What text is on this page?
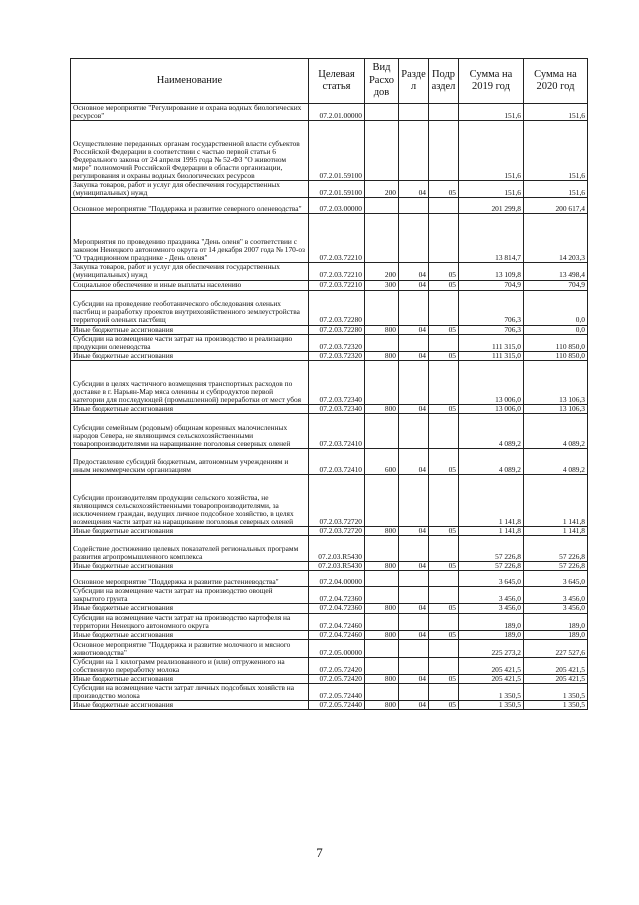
Наименование	Целевая статья	Вид Расхо дов	Разде л	Подр аздел	Сумма на 2019 год	Сумма на 2020 год
Основное мероприятие "Регулирование и охрана водных биологических ресурсов"	07.2.01.00000				151,6	151,6
Осуществление переданных органам государственной власти субъектов Российской Федерации в соответствии с частью первой статьи 6 Федерального закона от 24 апреля 1995 года № 52-ФЗ "О животном мире" полномочий Российской Федерации в области организации, регулирования и охраны водных биологических ресурсов	07.2.01.59100				151,6	151,6
Закупка товаров, работ и услуг для обеспечения государственных (муниципальных) нужд	07.2.01.59100	200	04	05	151,6	151,6
Основное мероприятие "Поддержка и развитие северного оленеводства"	07.2.03.00000				201 299,8	200 617,4
Мероприятия по проведению праздника "День оленя" в соответствии с законом Ненецкого автономного округа от 14 декабря 2007 года № 170-оз "О традиционном празднике - День оленя"	07.2.03.72210				13 814,7	14 203,3
Закупка товаров, работ и услуг для обеспечения государственных (муниципальных) нужд	07.2.03.72210	200	04	05	13 109,8	13 498,4
Социальное обеспечение и иные выплаты населению	07.2.03.72210	300	04	05	704,9	704,9
Субсидии на проведение геоботанического обследования оленьих пастбищ и разработку проектов внутрихозяйственного землеустройства территорий оленьих пастбищ	07.2.03.72280				706,3	0,0
Иные бюджетные ассигнования	07.2.03.72280	800	04	05	706,3	0,0
Субсидии на возмещение части затрат на производство и реализацию продукции оленеводства	07.2.03.72320				111 315,0	110 850,0
Иные бюджетные ассигнования	07.2.03.72320	800	04	05	111 315,0	110 850,0
Субсидии в целях частичного возмещения транспортных расходов по доставке в г. Нарьян-Мар мяса оленины и субпродуктов первой категории для последующей (промышленной) переработки от мест убоя	07.2.03.72340				13 006,0	13 106,3
Иные бюджетные ассигнования	07.2.03.72340	800	04	05	13 006,0	13 106,3
Субсидии семейным (родовым) общинам коренных малочисленных народов Севера, не являющимся сельскохозяйственными товаропроизводителями на наращивание поголовья северных оленей	07.2.03.72410				4 089,2	4 089,2
Предоставление субсидий бюджетным, автономным учреждениям и иным некоммерческим организациям	07.2.03.72410	600	04	05	4 089,2	4 089,2
Субсидии производителям продукции сельского хозяйства, не являющимся сельскохозяйственными товаропроизводителями, за исключением граждан, ведущих личное подсобное хозяйство, в целях возмещения части затрат на наращивание поголовья северных оленей	07.2.03.72720				1 141,8	1 141,8
Иные бюджетные ассигнования	07.2.03.72720	800	04	05	1 141,8	1 141,8
Содействие достижению целевых показателей региональных программ развития агропромышленного комплекса	07.2.03.R5430				57 226,8	57 226,8
Иные бюджетные ассигнования	07.2.03.R5430	800	04	05	57 226,8	57 226,8
Основное мероприятие "Поддержка и развитие растениеводства"	07.2.04.00000				3 645,0	3 645,0
Субсидии на возмещение части затрат на производство овощей закрытого грунта	07.2.04.72360				3 456,0	3 456,0
Иные бюджетные ассигнования	07.2.04.72360	800	04	05	3 456,0	3 456,0
Субсидии на возмещение части затрат на производство картофеля на территории Ненецкого автономного округа	07.2.04.72460				189,0	189,0
Иные бюджетные ассигнования	07.2.04.72460	800	04	05	189,0	189,0
Основное мероприятие "Поддержка и развитие молочного и мясного животноводства"	07.2.05.00000				225 273,2	227 527,6
Субсидии на 1 килограмм реализованного и (или) отгруженного на собственную переработку молока	07.2.05.72420				205 421,5	205 421,5
Иные бюджетные ассигнования	07.2.05.72420	800	04	05	205 421,5	205 421,5
Субсидии на возмещение части затрат личных подсобных хозяйств на производство молока	07.2.05.72440				1 350,5	1 350,5
Иные бюджетные ассигнования	07.2.05.72440	800	04	05	1 350,5	1 350,5
7
